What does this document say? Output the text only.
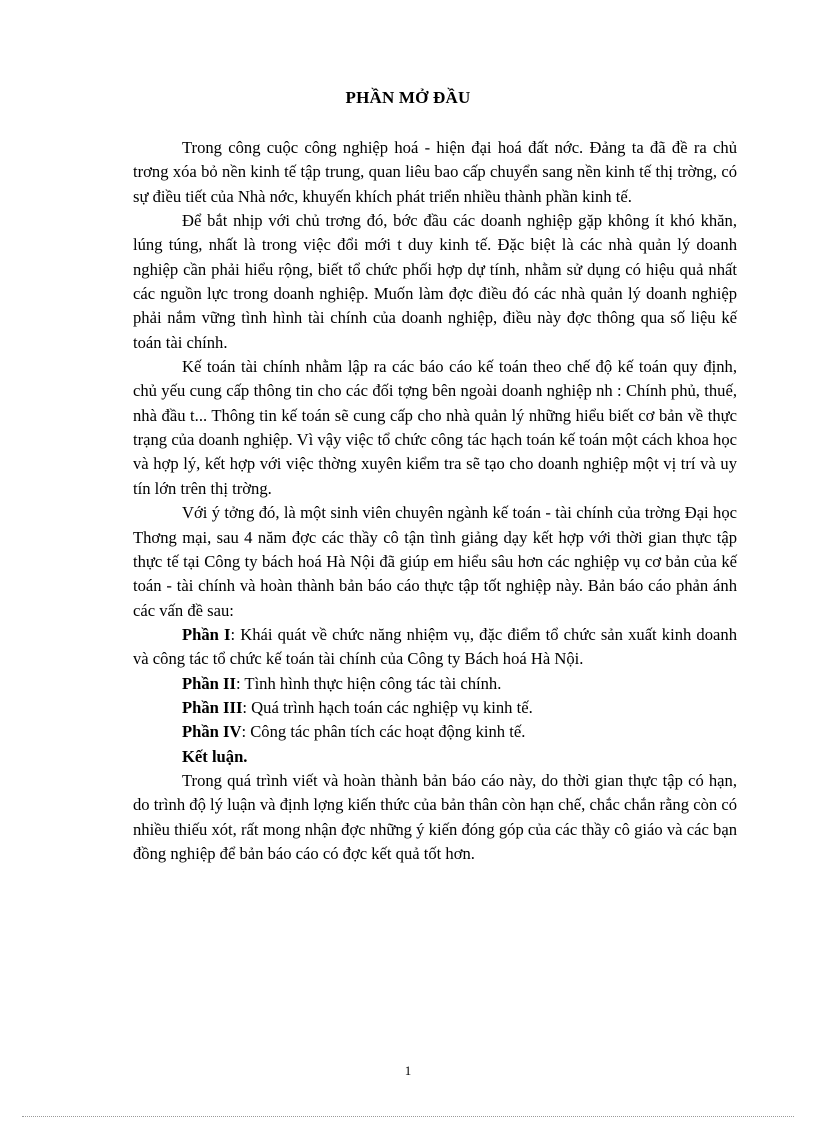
PHẦN MỞ ĐẦU

Trong công cuộc công nghiệp hoá - hiện đại hoá đất nớc. Đảng ta đã đề ra chủ trơng xóa bỏ nền kinh tế tập trung, quan liêu bao cấp chuyển sang nền kinh tế thị trờng, có sự điều tiết của Nhà nớc, khuyến khích phát triển nhiều thành phần kinh tế.

Để bắt nhịp với chủ trơng đó, bớc đầu các doanh nghiệp gặp không ít khó khăn, lúng túng, nhất là trong việc đổi mới t duy kinh tế. Đặc biệt là các nhà quản lý doanh nghiệp cần phải hiểu rộng, biết tổ chức phối hợp dự tính, nhằm sử dụng có hiệu quả nhất các nguồn lực trong doanh nghiệp. Muốn làm đợc điều đó các nhà quản lý doanh nghiệp phải nắm vững tình hình tài chính của doanh nghiệp, điều này đợc thông qua số liệu kế toán tài chính.

Kế toán tài chính nhằm lập ra các báo cáo kế toán theo chế độ kế toán quy định, chủ yếu cung cấp thông tin cho các đối tợng bên ngoài doanh nghiệp nh : Chính phủ, thuế, nhà đầu t... Thông tin kế toán sẽ cung cấp cho nhà quản lý những hiểu biết cơ bản về thực trạng của doanh nghiệp. Vì vậy việc tổ chức công tác hạch toán kế toán một cách khoa học và hợp lý, kết hợp với việc thờng xuyên kiểm tra sẽ tạo cho doanh nghiệp một vị trí và uy tín lớn trên thị trờng.

Với ý tởng đó, là một sinh viên chuyên ngành kế toán - tài chính của trờng Đại học Thơng mại, sau 4 năm đợc các thầy cô tận tình giảng dạy kết hợp với thời gian thực tập thực tế tại Công ty bách hoá Hà Nội đã giúp em hiểu sâu hơn các nghiệp vụ cơ bản của kế toán - tài chính và hoàn thành bản báo cáo thực tập tốt nghiệp này. Bản báo cáo phản ánh các vấn đề sau:

Phần I: Khái quát về chức năng nhiệm vụ, đặc điểm tổ chức sản xuất kinh doanh và công tác tổ chức kế toán tài chính của Công ty Bách hoá Hà Nội.

Phần II: Tình hình thực hiện công tác tài chính.

Phần III: Quá trình hạch toán các nghiệp vụ kinh tế.

Phần IV: Công tác phân tích các hoạt động kinh tế.

Kết luận.

Trong quá trình viết và hoàn thành bản báo cáo này, do thời gian thực tập có hạn, do trình độ lý luận và định lợng kiến thức của bản thân còn hạn chế, chắc chắn rằng còn có nhiều thiếu xót, rất mong nhận đợc những ý kiến đóng góp của các thầy cô giáo và các bạn đồng nghiệp để bản báo cáo có đợc kết quả tốt hơn.

1
